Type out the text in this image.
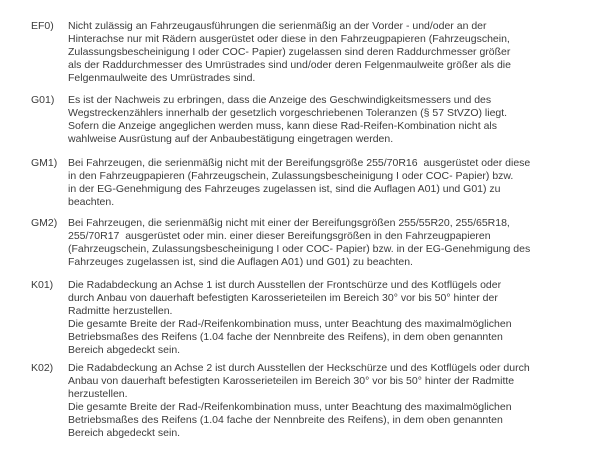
EF0)	Nicht zulässig an Fahrzeugausführungen die serienmäßig an der Vorder - und/oder an der
Hinterachse nur mit Rädern ausgerüstet oder diese in den Fahrzeugpapieren (Fahrzeugschein,
Zulassungsbescheinigung I oder COC- Papier) zugelassen sind deren Raddurchmesser größer
als der Raddurchmesser des Umrüstrades sind und/oder deren Felgenmaulweite größer als die
Felgenmaulweite des Umrüstrades sind.
G01)	Es ist der Nachweis zu erbringen, dass die Anzeige des Geschwindigkeitsmessers und des
Wegstreckenzählers innerhalb der gesetzlich vorgeschriebenen Toleranzen (§ 57 StVZO) liegt.
Sofern die Anzeige angeglichen werden muss, kann diese Rad-Reifen-Kombination nicht als
wahlweise Ausrüstung auf der Anbaubestätigung eingetragen werden.
GM1)	Bei Fahrzeugen, die serienmäßig nicht mit der Bereifungsgröße 255/70R16  ausgerüstet oder diese
in den Fahrzeugpapieren (Fahrzeugschein, Zulassungsbescheinigung I oder COC- Papier) bzw.
in der EG-Genehmigung des Fahrzeuges zugelassen ist, sind die Auflagen A01) und G01) zu
beachten.
GM2)	Bei Fahrzeugen, die serienmäßig nicht mit einer der Bereifungsgrößen 255/55R20, 255/65R18,
255/70R17  ausgerüstet oder min. einer dieser Bereifungsgrößen in den Fahrzeugpapieren
(Fahrzeugschein, Zulassungsbescheinigung I oder COC- Papier) bzw. in der EG-Genehmigung des
Fahrzeuges zugelassen ist, sind die Auflagen A01) und G01) zu beachten.
K01)	Die Radabdeckung an Achse 1 ist durch Ausstellen der Frontschürze und des Kotflügels oder
durch Anbau von dauerhaft befestigten Karosserieteilen im Bereich 30° vor bis 50° hinter der
Radmitte herzustellen.
Die gesamte Breite der Rad-/Reifenkombination muss, unter Beachtung des maximalmöglichen
Betriebsmaßes des Reifens (1.04 fache der Nennbreite des Reifens), in dem oben genannten
Bereich abgedeckt sein.
K02)	Die Radabdeckung an Achse 2 ist durch Ausstellen der Heckschürze und des Kotflügels oder durch
Anbau von dauerhaft befestigten Karosserieteilen im Bereich 30° vor bis 50° hinter der Radmitte
herzustellen.
Die gesamte Breite der Rad-/Reifenkombination muss, unter Beachtung des maximalmöglichen
Betriebsmaßes des Reifens (1.04 fache der Nennbreite des Reifens), in dem oben genannten
Bereich abgedeckt sein.
